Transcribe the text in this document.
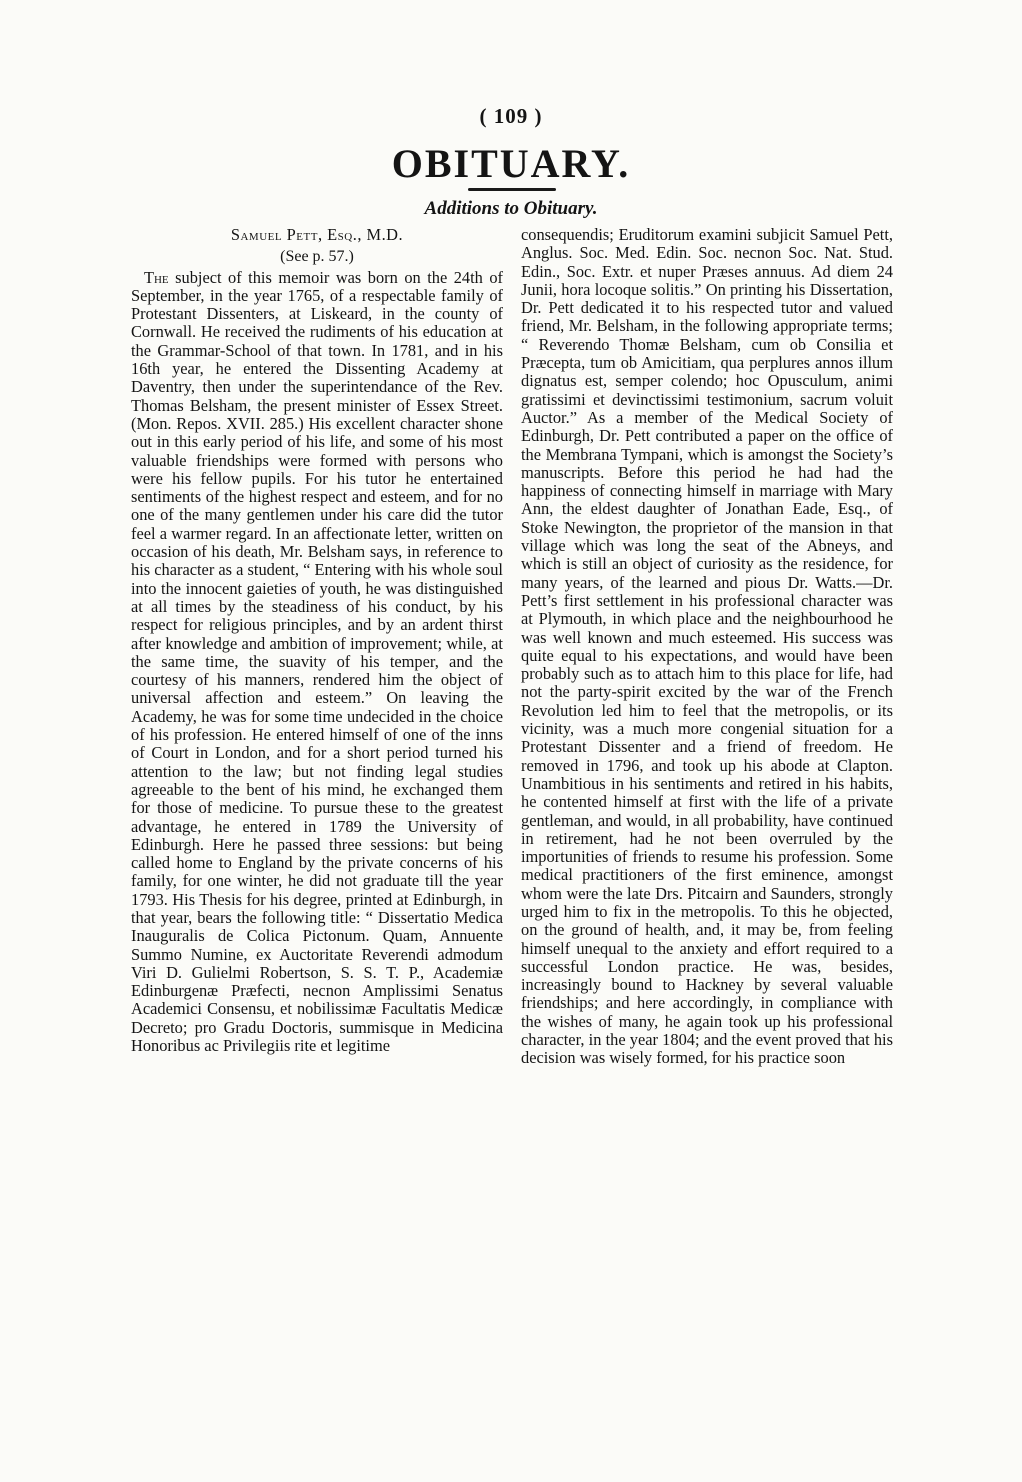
( 109 )
OBITUARY.
Additions to Obituary.
Samuel Pett, Esq., M.D.
(See p. 57.)

The subject of this memoir was born on the 24th of September, in the year 1765, of a respectable family of Protestant Dissenters, at Liskeard, in the county of Cornwall. He received the rudiments of his education at the Grammar-School of that town. In 1781, and in his 16th year, he entered the Dissenting Academy at Daventry, then under the superintendance of the Rev. Thomas Belsham, the present minister of Essex Street. (Mon. Repos. XVII. 285.) His excellent character shone out in this early period of his life, and some of his most valuable friendships were formed with persons who were his fellow pupils. For his tutor he entertained sentiments of the highest respect and esteem, and for no one of the many gentlemen under his care did the tutor feel a warmer regard. In an affectionate letter, written on occasion of his death, Mr. Belsham says, in reference to his character as a student, “ Entering with his whole soul into the innocent gaieties of youth, he was distinguished at all times by the steadiness of his conduct, by his respect for religious principles, and by an ardent thirst after knowledge and ambition of improvement; while, at the same time, the suavity of his temper, and the courtesy of his manners, rendered him the object of universal affection and esteem.” On leaving the Academy, he was for some time undecided in the choice of his profession. He entered himself of one of the inns of Court in London, and for a short period turned his attention to the law; but not finding legal studies agreeable to the bent of his mind, he exchanged them for those of medicine. To pursue these to the greatest advantage, he entered in 1789 the University of Edinburgh. Here he passed three sessions: but being called home to England by the private concerns of his family, for one winter, he did not graduate till the year 1793. His Thesis for his degree, printed at Edinburgh, in that year, bears the following title: “ Dissertatio Medica Inauguralis de Colica Pictonum. Quam, Annuente Summo Numine, ex Auctoritate Reverendi admodum Viri D. Gulielmi Robertson, S. S. T. P., Academiæ Edinburgenæ Præfecti, necnon Amplissimi Senatus Academici Consensu, et nobilissimæ Facultatis Medicæ Decreto; pro Gradu Doctoris, summisque in Medicina Honoribus ac Privilegiis rite et legitime

consequendis; Eruditorum examini subjicit Samuel Pett, Anglus. Soc. Med. Edin. Soc. necnon Soc. Nat. Stud. Edin., Soc. Extr. et nuper Præses annuus. Ad diem 24 Junii, hora locoque solitis.” On printing his Dissertation, Dr. Pett dedicated it to his respected tutor and valued friend, Mr. Belsham, in the following appropriate terms; “ Reverendo Thomæ Belsham, cum ob Consilia et Præcepta, tum ob Amicitiam, qua perplures annos illum dignatus est, semper colendo; hoc Opusculum, animi gratissimi et devinctissimi testimonium, sacrum voluit Auctor.” As a member of the Medical Society of Edinburgh, Dr. Pett contributed a paper on the office of the Membrana Tympani, which is amongst the Society’s manuscripts. Before this period he had had the happiness of connecting himself in marriage with Mary Ann, the eldest daughter of Jonathan Eade, Esq., of Stoke Newington, the proprietor of the mansion in that village which was long the seat of the Abneys, and which is still an object of curiosity as the residence, for many years, of the learned and pious Dr. Watts.—Dr. Pett’s first settlement in his professional character was at Plymouth, in which place and the neighbourhood he was well known and much esteemed. His success was quite equal to his expectations, and would have been probably such as to attach him to this place for life, had not the party-spirit excited by the war of the French Revolution led him to feel that the metropolis, or its vicinity, was a much more congenial situation for a Protestant Dissenter and a friend of freedom. He removed in 1796, and took up his abode at Clapton. Unambitious in his sentiments and retired in his habits, he contented himself at first with the life of a private gentleman, and would, in all probability, have continued in retirement, had he not been overruled by the importunities of friends to resume his profession. Some medical practitioners of the first eminence, amongst whom were the late Drs. Pitcairn and Saunders, strongly urged him to fix in the metropolis. To this he objected, on the ground of health, and, it may be, from feeling himself unequal to the anxiety and effort required to a successful London practice. He was, besides, increasingly bound to Hackney by several valuable friendships; and here accordingly, in compliance with the wishes of many, he again took up his professional character, in the year 1804; and the event proved that his decision was wisely formed, for his practice soon
